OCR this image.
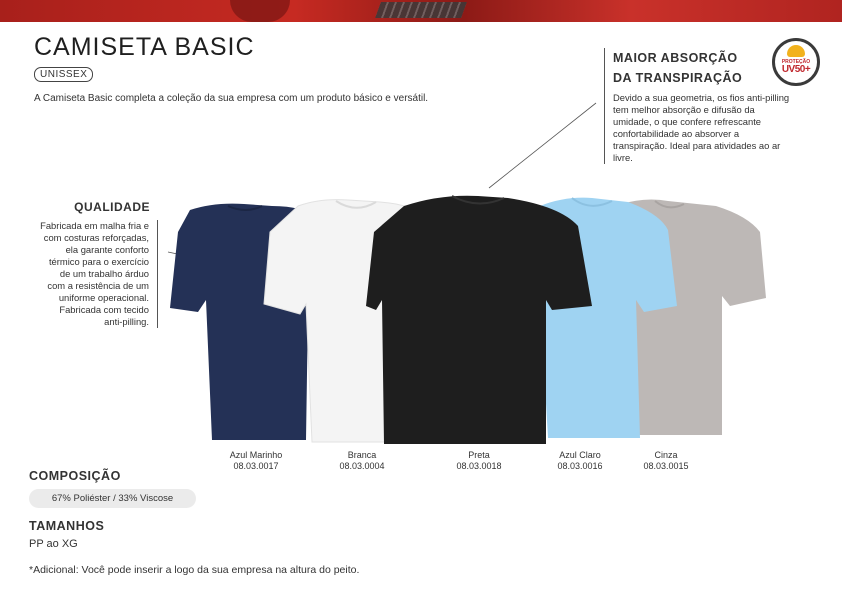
CAMISETA BASIC
UNISSEX
A Camiseta Basic completa a coleção da sua empresa com um produto básico e versátil.
MAIOR ABSORÇÃO
DA TRANSPIRAÇÃO
Devido a sua geometria, os fios anti-pilling tem melhor absorção e difusão da umidade, o que confere refrescante confortabilidade ao absorver a transpiração. Ideal para atividades ao ar livre.
PROTEÇÃO
UV50+
QUALIDADE
Fabricada em malha fria e com costuras reforçadas, ela garante conforto térmico para o exercício de um trabalho árduo com a resistência de um uniforme operacional. Fabricada com tecido anti-pilling.
Azul Marinho
08.03.0017
Branca
08.03.0004
Preta
08.03.0018
Azul Claro
08.03.0016
Cinza
08.03.0015
COMPOSIÇÃO
67% Poliéster / 33% Viscose
TAMANHOS
PP ao XG
*Adicional: Você pode inserir a logo da sua empresa na altura do peito.
